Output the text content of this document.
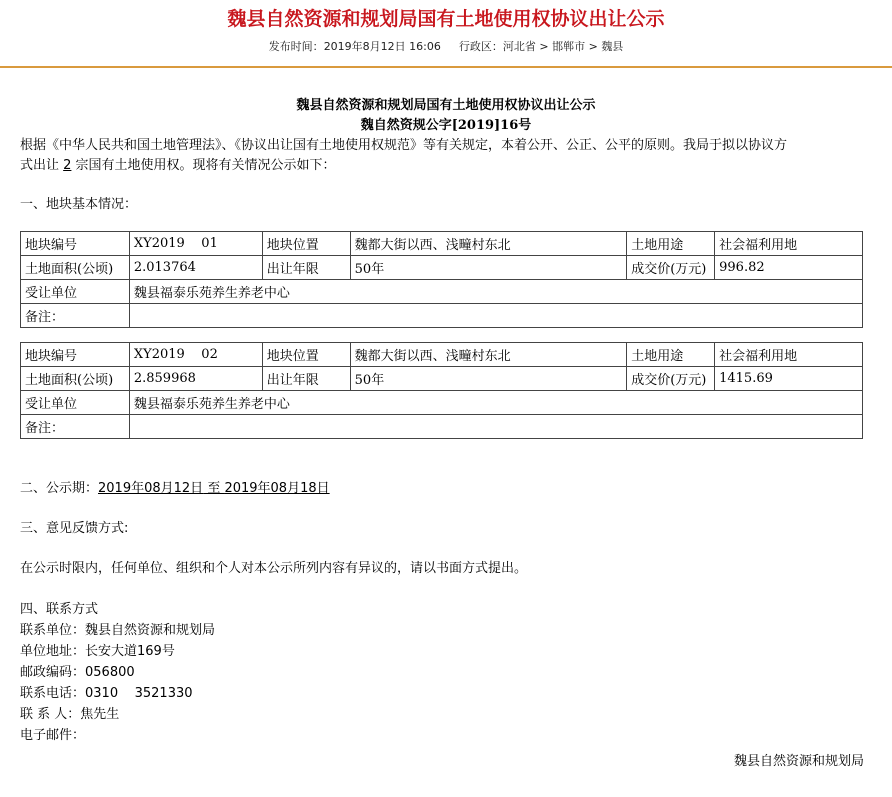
魏县自然资源和规划局国有土地使用权协议出让公示
发布时间：2019年8月12日 16:06 行政区：河北省 > 邯郸市 > 魏县
魏县自然资源和规划局国有土地使用权协议出让公示
魏自然资规公字[2019]16号
根据《中华人民共和国土地管理法》、《协议出让国有土地使用权规范》等有关规定，本着公开、公正、公平的原则。我局于拟以协议方
式出让 2 宗国有土地使用权。现将有关情况公示如下：
一、地块基本情况：
地块编号	XY2019    01	地块位置	魏都大街以西、浅疃村东北	土地用途	社会福利用地
土地面积(公顷)	2.013764	出让年限	50年	成交价(万元)	996.82
受让单位	魏县福泰乐苑养生养老中心				
备注：					
地块编号	XY2019    02	地块位置	魏都大街以西、浅疃村东北	土地用途	社会福利用地
土地面积(公顷)	2.859968	出让年限	50年	成交价(万元)	1415.69
受让单位	魏县福泰乐苑养生养老中心				
备注：					
二、公示期：2019年08月12日 至 2019年08月18日
三、意见反馈方式:
在公示时限内，任何单位、组织和个人对本公示所列内容有异议的，请以书面方式提出。
四、联系方式
联系单位：魏县自然资源和规划局
单位地址：长安大道169号
邮政编码：056800
联系电话：0310    3521330
联 系 人：焦先生
电子邮件：
魏县自然资源和规划局
